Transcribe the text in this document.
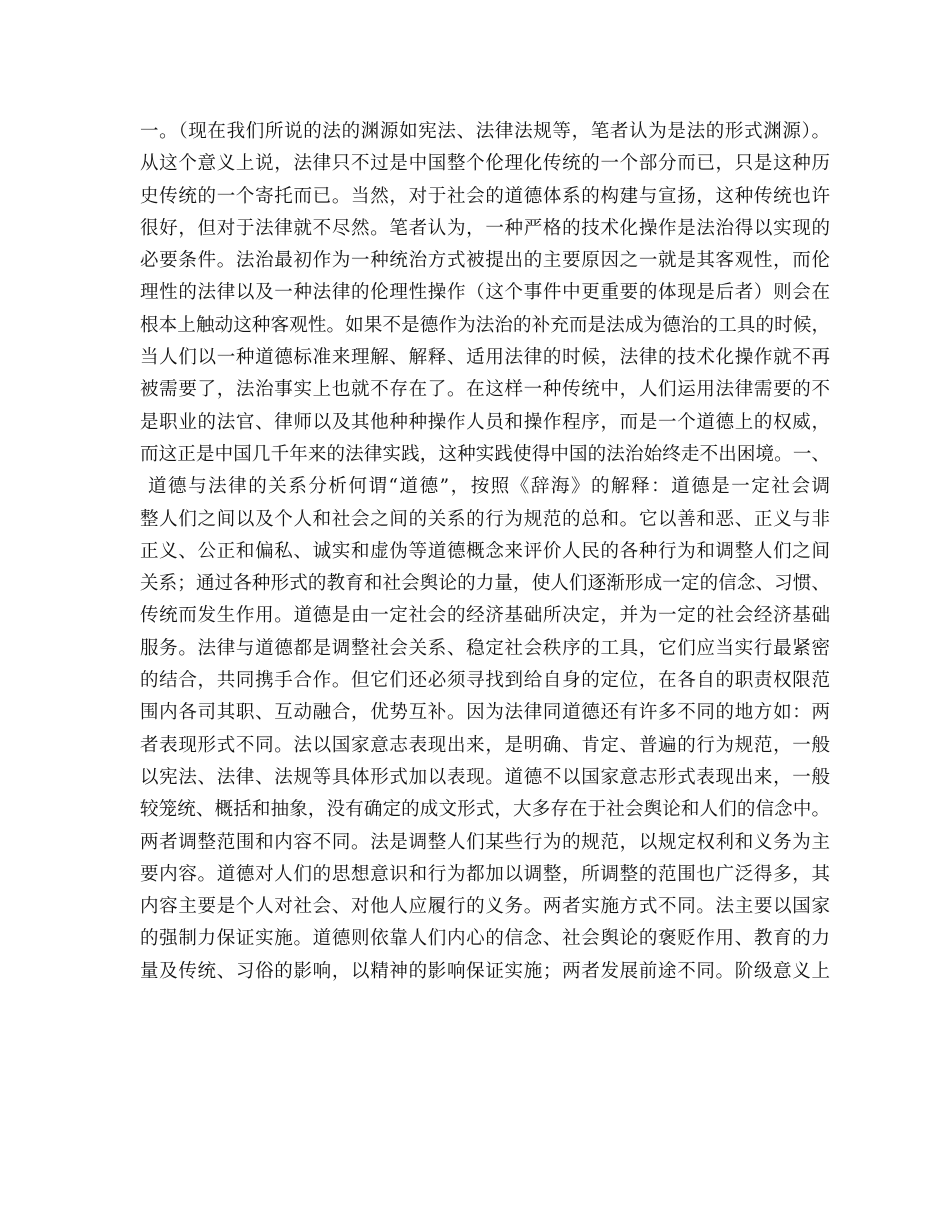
一。（现在我们所说的法的渊源如宪法、法律法规等，笔者认为是法的形式渊源）。
从这个意义上说，法律只不过是中国整个伦理化传统的一个部分而已，只是这种历
史传统的一个寄托而已。当然，对于社会的道德体系的构建与宣扬，这种传统也许
很好，但对于法律就不尽然。笔者认为，一种严格的技术化操作是法治得以实现的
必要条件。法治最初作为一种统治方式被提出的主要原因之一就是其客观性，而伦
理性的法律以及一种法律的伦理性操作（这个事件中更重要的体现是后者）则会在
根本上触动这种客观性。如果不是德作为法治的补充而是法成为德治的工具的时候，
当人们以一种道德标准来理解、解释、适用法律的时候，法律的技术化操作就不再
被需要了，法治事实上也就不存在了。在这样一种传统中，人们运用法律需要的不
是职业的法官、律师以及其他种种操作人员和操作程序，而是一个道德上的权威，
而这正是中国几千年来的法律实践，这种实践使得中国的法治始终走不出困境。一、
道德与法律的关系分析何谓“道德”，按照《辞海》的解释：道德是一定社会调
整人们之间以及个人和社会之间的关系的行为规范的总和。它以善和恶、正义与非
正义、公正和偏私、诚实和虚伪等道德概念来评价人民的各种行为和调整人们之间
关系；通过各种形式的教育和社会舆论的力量，使人们逐渐形成一定的信念、习惯、
传统而发生作用。道德是由一定社会的经济基础所决定，并为一定的社会经济基础
服务。法律与道德都是调整社会关系、稳定社会秩序的工具，它们应当实行最紧密
的结合，共同携手合作。但它们还必须寻找到给自身的定位，在各自的职责权限范
围内各司其职、互动融合，优势互补。因为法律同道德还有许多不同的地方如：两
者表现形式不同。法以国家意志表现出来，是明确、肯定、普遍的行为规范，一般
以宪法、法律、法规等具体形式加以表现。道德不以国家意志形式表现出来，一般
较笼统、概括和抽象，没有确定的成文形式，大多存在于社会舆论和人们的信念中。
两者调整范围和内容不同。法是调整人们某些行为的规范，以规定权利和义务为主
要内容。道德对人们的思想意识和行为都加以调整，所调整的范围也广泛得多，其
内容主要是个人对社会、对他人应履行的义务。两者实施方式不同。法主要以国家
的强制力保证实施。道德则依靠人们内心的信念、社会舆论的褒贬作用、教育的力
量及传统、习俗的影响，以精神的影响保证实施；两者发展前途不同。阶级意义上
